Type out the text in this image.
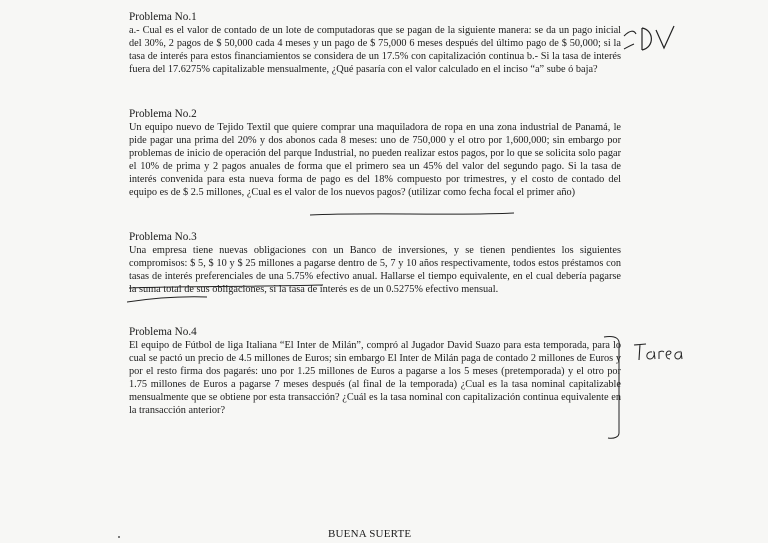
Problema No.1

a.- Cual es el valor de contado de un lote de computadoras que se pagan de la siguiente manera: se da un pago inicial del 30%, 2 pagos de $ 50,000 cada 4 meses y un pago de $ 75,000 6 meses después del último pago de $ 50,000; si la tasa de interés para estos financiamientos se considera de un 17.5% con capitalización continua b.- Si la tasa de interés fuera del 17.6275% capitalizable mensualmente, ¿Qué pasaría con el valor calculado en el inciso “a” sube ó baja?

Problema No.2

Un equipo nuevo de Tejido Textil que quiere comprar una maquiladora de ropa en una zona industrial de Panamá, le pide pagar una prima del 20% y dos abonos cada 8 meses: uno de 750,000 y el otro por 1,600,000; sin embargo por problemas de inicio de operación del parque Industrial, no pueden realizar estos pagos, por lo que se solicita solo pagar el 10% de prima y 2 pagos anuales de forma que el primero sea un 45% del valor del segundo pago. Si la tasa de interés convenida para esta nueva forma de pago es del 18% compuesto por trimestres, y el costo de contado del equipo es de $ 2.5 millones, ¿Cual es el valor de los nuevos pagos? (utilizar como fecha focal el primer año)

Problema No.3

Una empresa tiene nuevas obligaciones con un Banco de inversiones, y se tienen pendientes los siguientes compromisos: $ 5, $ 10 y $ 25 millones a pagarse dentro de 5, 7 y 10 años respectivamente, todos estos préstamos con tasas de interés preferenciales de una 5.75% efectivo anual. Hallarse el tiempo equivalente, en el cual debería pagarse la suma total de sus obligaciones, si la tasa de interés es de un 0.5275% efectivo mensual.

Problema No.4

El equipo de Fútbol de liga Italiana “El Inter de Milán”, compró al Jugador David Suazo para esta temporada, para lo cual se pactó un precio de 4.5 millones de Euros; sin embargo El Inter de Milán paga de contado 2 millones de Euros y por el resto firma dos pagarés: uno por 1.25 millones de Euros a pagarse a los 5 meses (pretemporada) y el otro por 1.75 millones de Euros a pagarse 7 meses después (al final de la temporada) ¿Cual es la tasa nominal capitalizable mensualmente que se obtiene por esta transacción? ¿Cuál es la tasa nominal con capitalización continua equivalente en la transacción anterior?

BUENA SUERTE
